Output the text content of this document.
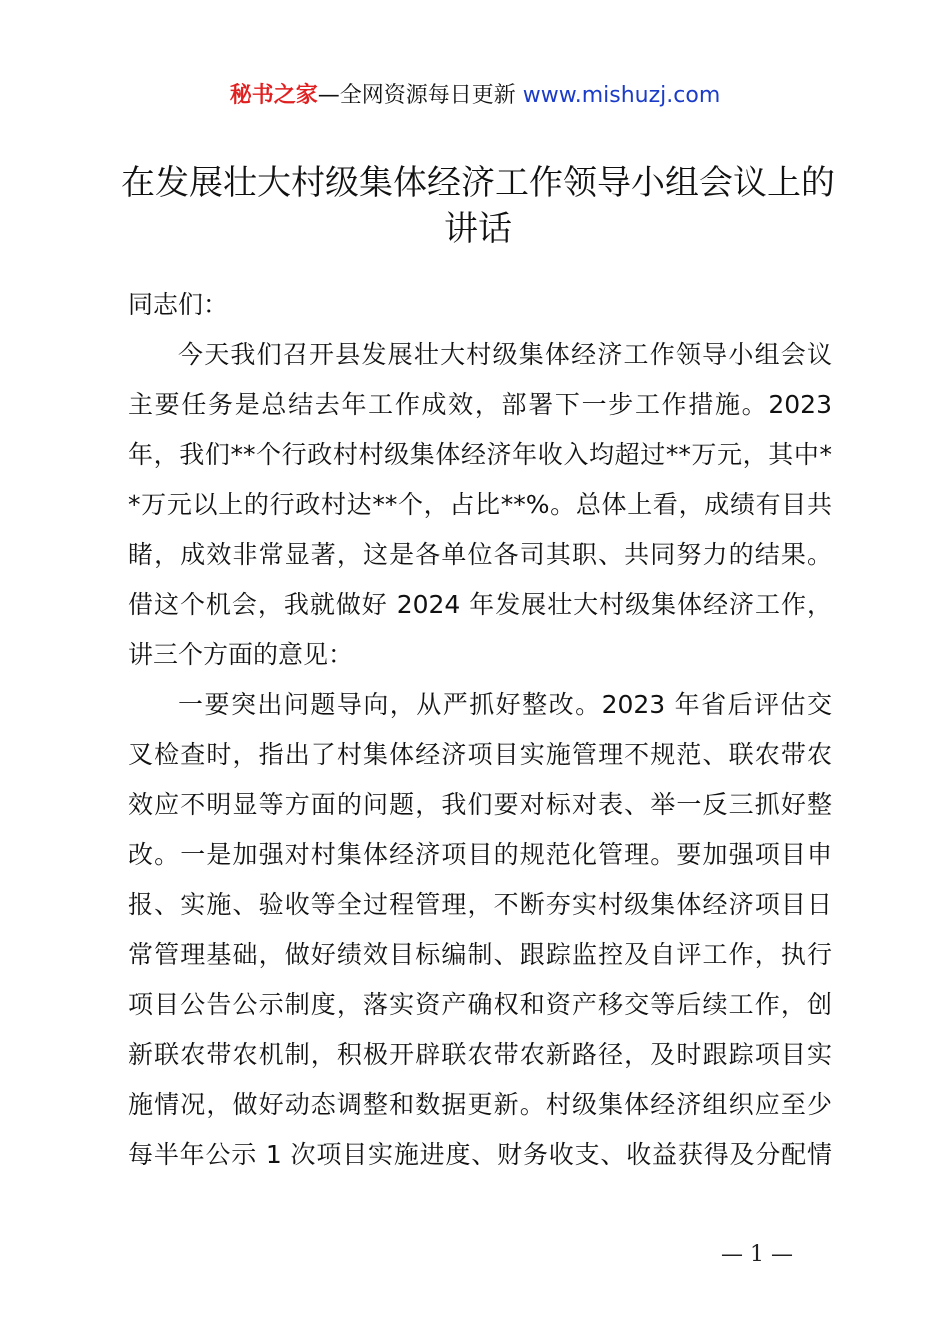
秘书之家—全网资源每日更新 www.mishuzj.com
在发展壮大村级集体经济工作领导小组会议上的讲话
同志们：
今天我们召开县发展壮大村级集体经济工作领导小组会议
主要任务是总结去年工作成效，部署下一步工作措施。2023
年，我们**个行政村村级集体经济年收入均超过**万元，其中*
*万元以上的行政村达**个，占比**%。总体上看，成绩有目共
睹，成效非常显著，这是各单位各司其职、共同努力的结果。
借这个机会，我就做好 2024 年发展壮大村级集体经济工作，
讲三个方面的意见：
一要突出问题导向，从严抓好整改。2023 年省后评估交
叉检查时，指出了村集体经济项目实施管理不规范、联农带农
效应不明显等方面的问题，我们要对标对表、举一反三抓好整
改。一是加强对村集体经济项目的规范化管理。要加强项目申
报、实施、验收等全过程管理，不断夯实村级集体经济项目日
常管理基础，做好绩效目标编制、跟踪监控及自评工作，执行
项目公告公示制度，落实资产确权和资产移交等后续工作，创
新联农带农机制，积极开辟联农带农新路径，及时跟踪项目实
施情况，做好动态调整和数据更新。村级集体经济组织应至少
每半年公示 1 次项目实施进度、财务收支、收益获得及分配情
— 1 —
